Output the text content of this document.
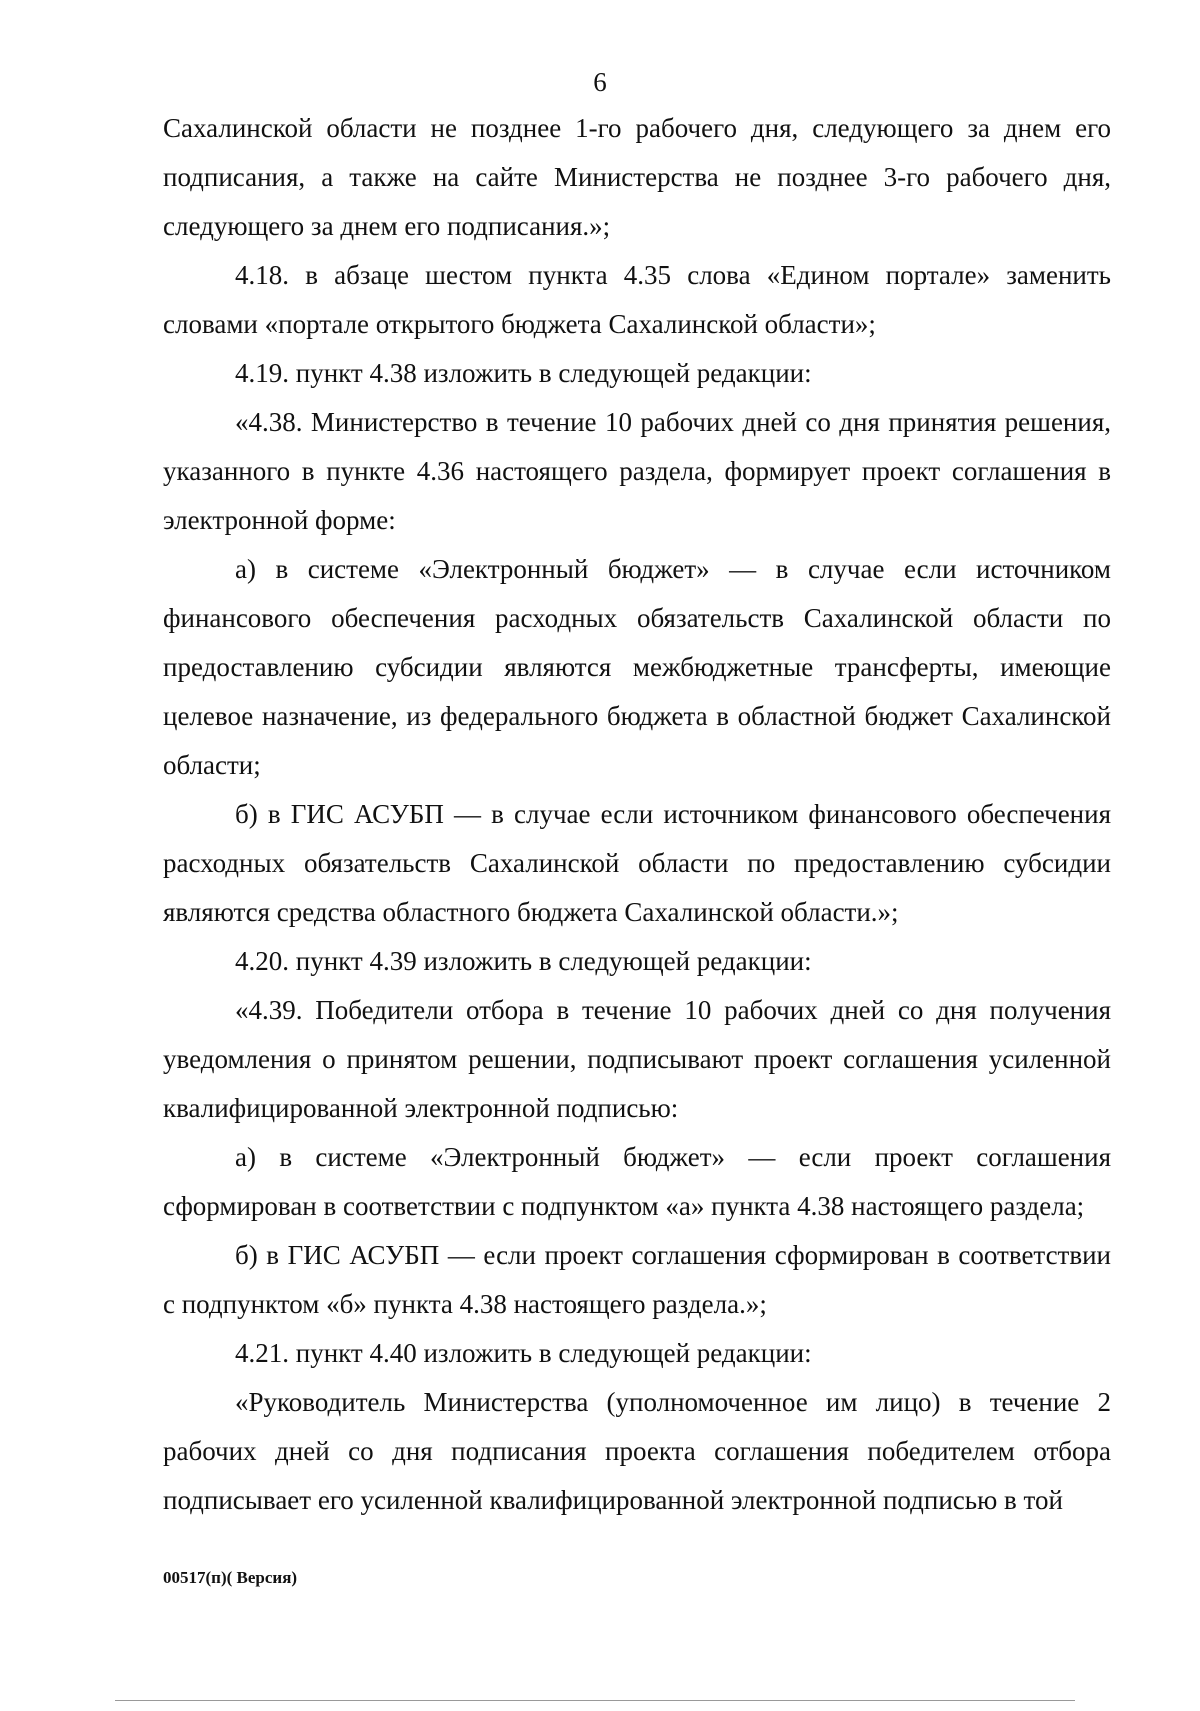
6

Сахалинской области не позднее 1-го рабочего дня, следующего за днем его подписания, а также на сайте Министерства не позднее 3-го рабочего дня, следующего за днем его подписания.»;

4.18. в абзаце шестом пункта 4.35 слова «Едином портале» заменить словами «портале открытого бюджета Сахалинской области»;

4.19. пункт 4.38 изложить в следующей редакции:

«4.38. Министерство в течение 10 рабочих дней со дня принятия решения, указанного в пункте 4.36 настоящего раздела, формирует проект соглашения в электронной форме:

а) в системе «Электронный бюджет» — в случае если источником финансового обеспечения расходных обязательств Сахалинской области по предоставлению субсидии являются межбюджетные трансферты, имеющие целевое назначение, из федерального бюджета в областной бюджет Сахалинской области;

б) в ГИС АСУБП — в случае если источником финансового обеспечения расходных обязательств Сахалинской области по предоставлению субсидии являются средства областного бюджета Сахалинской области.»;

4.20. пункт 4.39 изложить в следующей редакции:

«4.39. Победители отбора в течение 10 рабочих дней со дня получения уведомления о принятом решении, подписывают проект соглашения усиленной квалифицированной электронной подписью:

а) в системе «Электронный бюджет» — если проект соглашения сформирован в соответствии с подпунктом «а» пункта 4.38 настоящего раздела;

б) в ГИС АСУБП — если проект соглашения сформирован в соответствии с подпунктом «б» пункта 4.38 настоящего раздела.»;

4.21. пункт 4.40 изложить в следующей редакции:

«Руководитель Министерства (уполномоченное им лицо) в течение 2 рабочих дней со дня подписания проекта соглашения победителем отбора подписывает его усиленной квалифицированной электронной подписью в той

00517(п)( Версия)
